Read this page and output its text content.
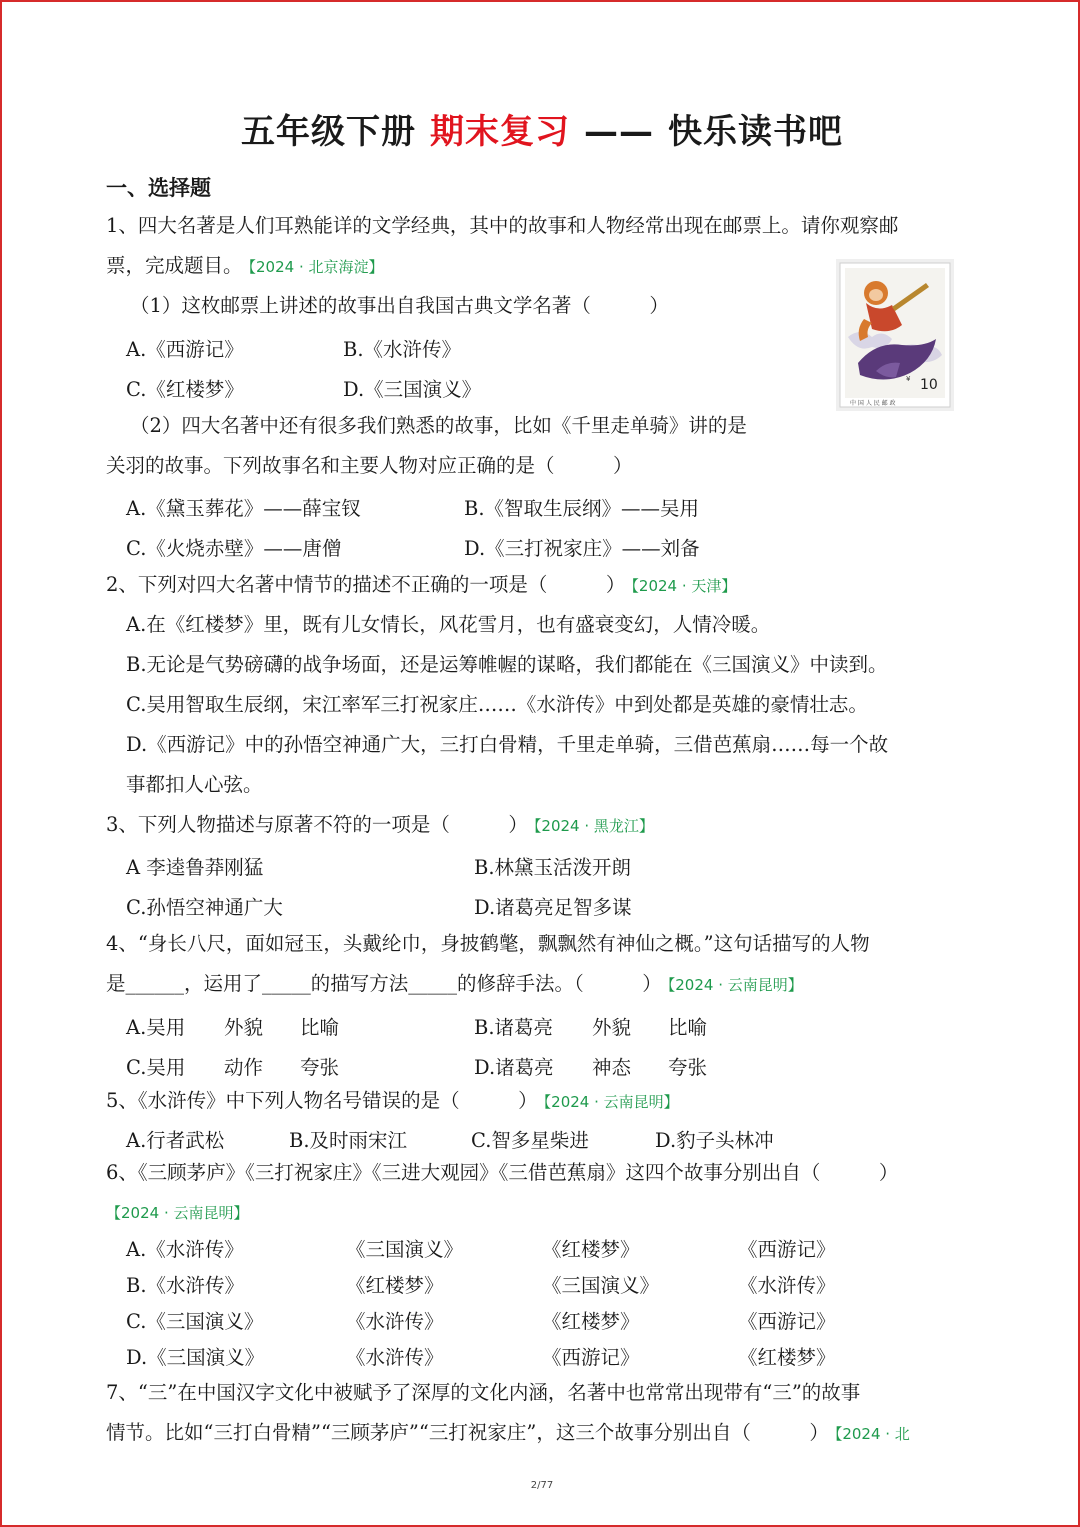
五年级下册 期末复习 —— 快乐读书吧
一、选择题
1、四大名著是人们耳熟能详的文学经典，其中的故事和人物经常出现在邮票上。请你观察邮
票，完成题目。 【2024 · 北京海淀】
10
¥
中 国 人 民 邮 政
（1）这枚邮票上讲述的故事出自我国古典文学名著（　　　）
A.《西游记》	B.《水浒传》
C.《红楼梦》	D.《三国演义》
（2）四大名著中还有很多我们熟悉的故事，比如《千里走单骑》讲的是
关羽的故事。下列故事名和主要人物对应正确的是（　　　）
A.《黛玉葬花》——薛宝钗	B.《智取生辰纲》——吴用
C.《火烧赤壁》——唐僧	D.《三打祝家庄》——刘备
2、下列对四大名著中情节的描述不正确的一项是（　　　） 【2024 · 天津】
A.在《红楼梦》里，既有儿女情长，风花雪月，也有盛衰变幻，人情冷暖。
B.无论是气势磅礴的战争场面，还是运筹帷幄的谋略，我们都能在《三国演义》中读到。
C.吴用智取生辰纲，宋江率军三打祝家庄……《水浒传》中到处都是英雄的豪情壮志。
D.《西游记》中的孙悟空神通广大，三打白骨精，千里走单骑，三借芭蕉扇……每一个故
事都扣人心弦。
3、下列人物描述与原著不符的一项是（　　　） 【2024 · 黑龙江】
A 李逵鲁莽刚猛	B.林黛玉活泼开朗
C.孙悟空神通广大	D.诸葛亮足智多谋
4、“身长八尺，面如冠玉，头戴纶巾，身披鹤氅，飘飘然有神仙之概。”这句话描写的人物
是______，运用了_____的描写方法_____的修辞手法。（　　　） 【2024 · 云南昆明】
A.吴用 外貌 比喻	B.诸葛亮 外貌 比喻
C.吴用 动作 夸张	D.诸葛亮 神态 夸张
5、《水浒传》中下列人物名号错误的是（　　　） 【2024 · 云南昆明】
A.行者武松	B.及时雨宋江	C.智多星柴进	D.豹子头林冲
6、《三顾茅庐》《三打祝家庄》《三进大观园》《三借芭蕉扇》这四个故事分别出自（　　　）
【2024 · 云南昆明】
A.《水浒传》	《三国演义》	《红楼梦》	《西游记》
B.《水浒传》	《红楼梦》	《三国演义》	《水浒传》
C.《三国演义》	《水浒传》	《红楼梦》	《西游记》
D.《三国演义》	《水浒传》	《西游记》	《红楼梦》
7、“三”在中国汉字文化中被赋予了深厚的文化内涵，名著中也常常出现带有“三”的故事
情节。比如“三打白骨精”“三顾茅庐”“三打祝家庄”，这三个故事分别出自（　　　） 【2024 · 北
2/77
